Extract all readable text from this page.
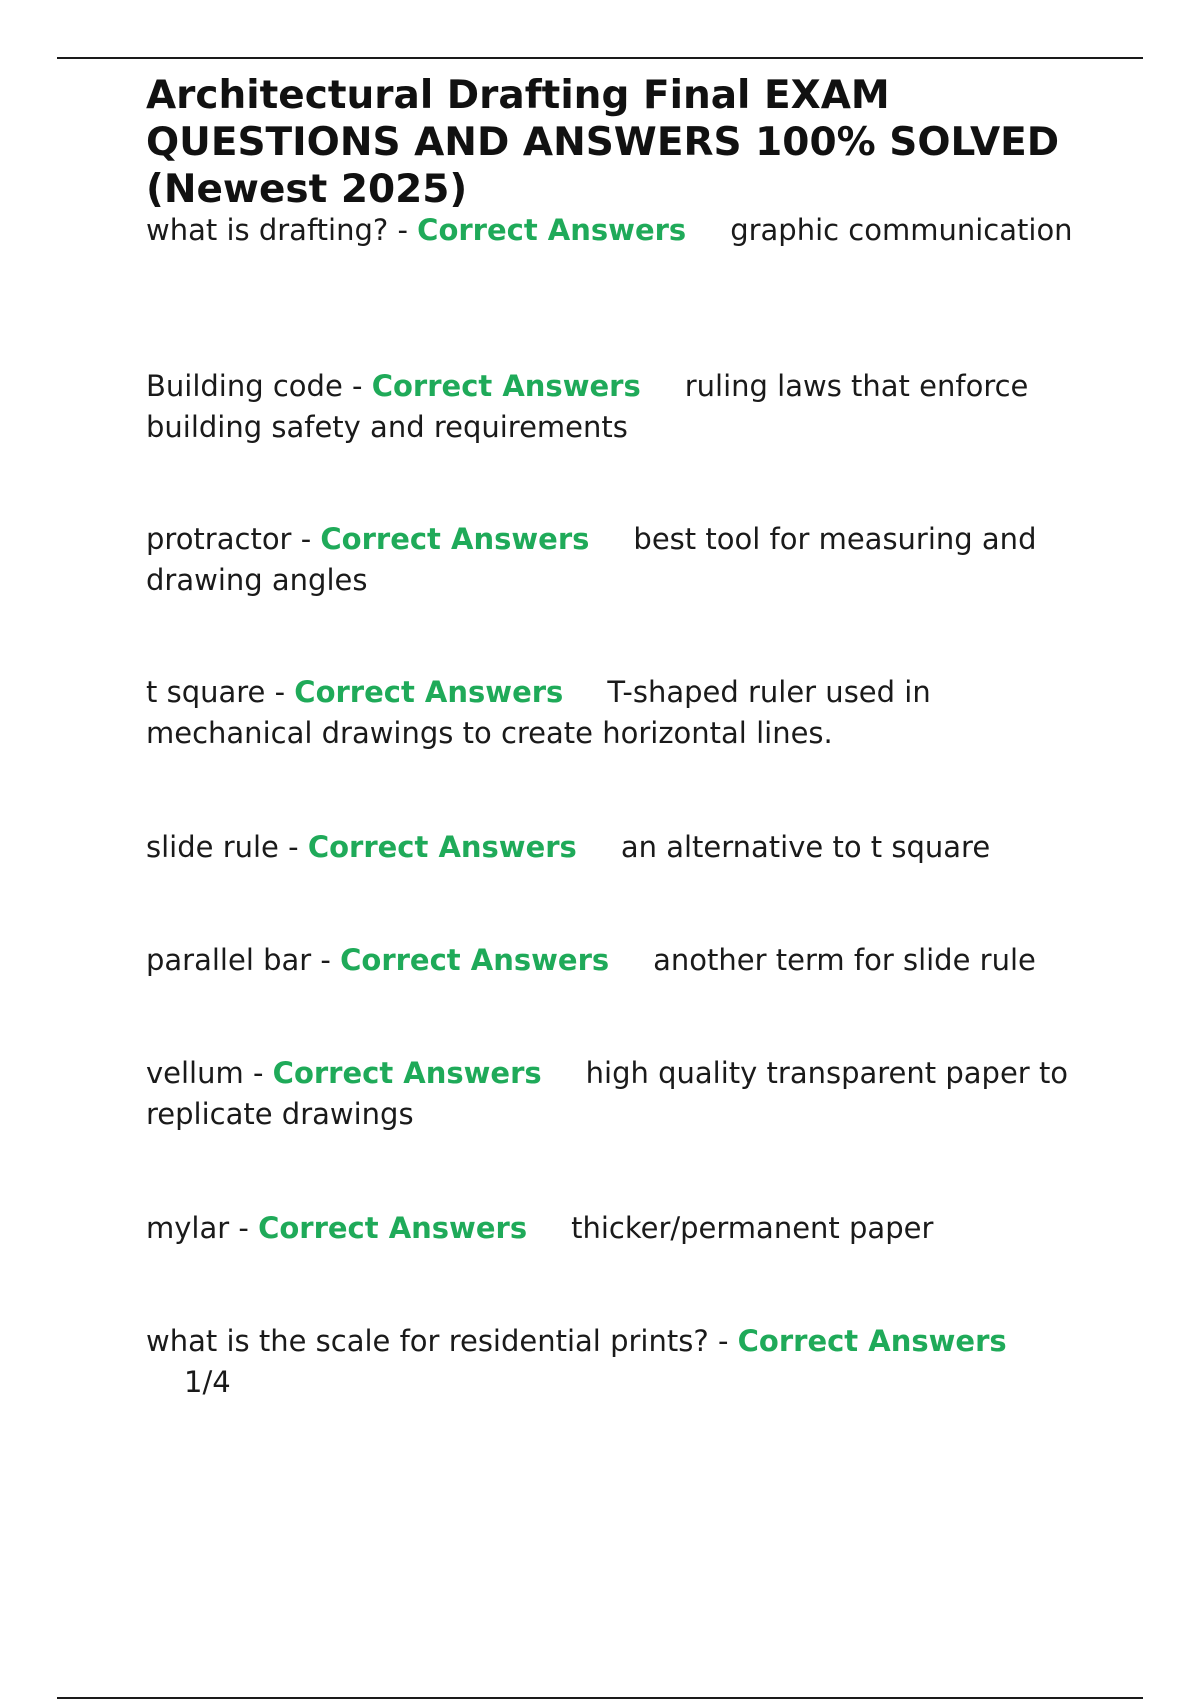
Architectural Drafting Final EXAM QUESTIONS AND ANSWERS 100% SOLVED (Newest 2025)

what is drafting? - Correct Answers graphic communication

Building code - Correct Answers ruling laws that enforce building safety and requirements

protractor - Correct Answers best tool for measuring and drawing angles

t square - Correct Answers T-shaped ruler used in mechanical drawings to create horizontal lines.

slide rule - Correct Answers an alternative to t square

parallel bar - Correct Answers another term for slide rule

vellum - Correct Answers high quality transparent paper to replicate drawings

mylar - Correct Answers thicker/permanent paper

what is the scale for residential prints? - Correct Answers
1/4
